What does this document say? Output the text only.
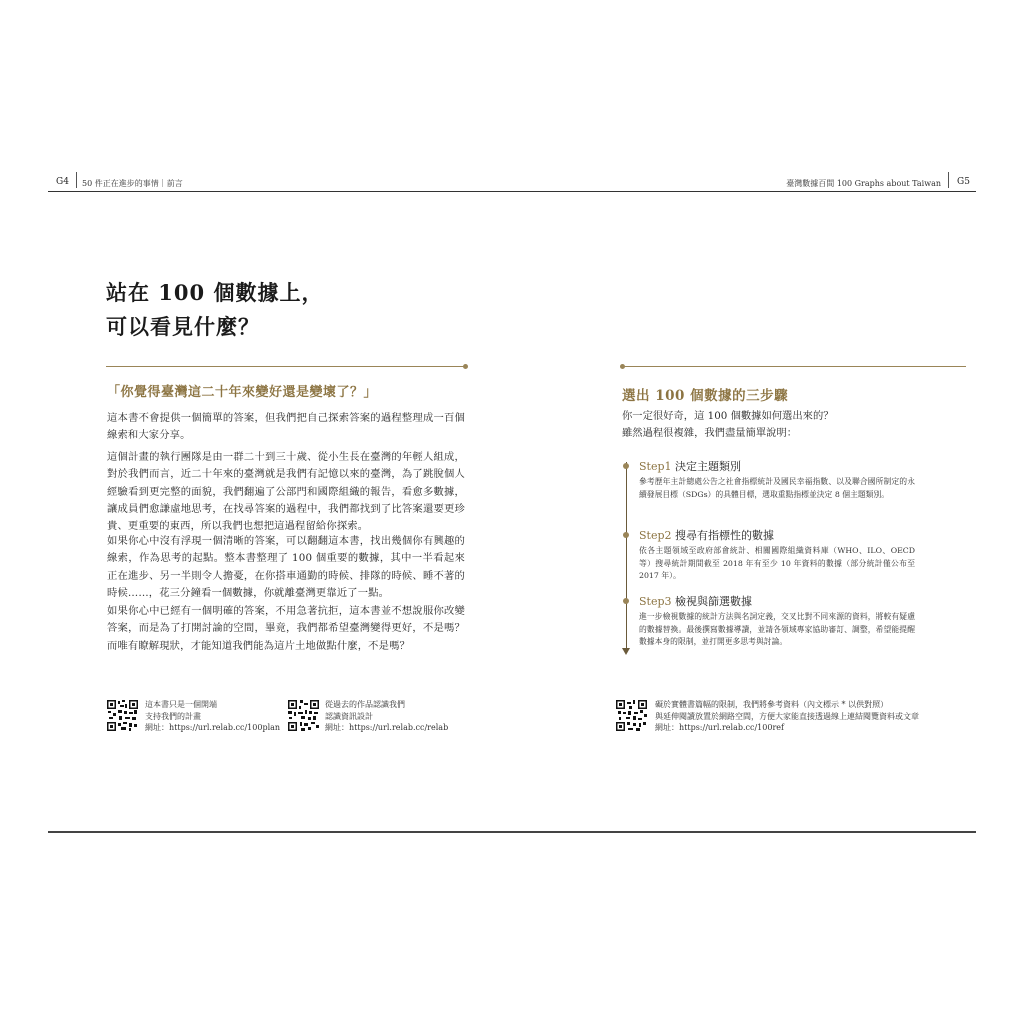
G4 50 件正在進步的事情｜前言	臺灣數據百間 100 Graphs about Taiwan G5
站在 100 個數據上，
可以看見什麼？
「你覺得臺灣這二十年來變好還是變壞了？」
這本書不會提供一個簡單的答案，但我們把自己探索答案的過程整理成一百個線索和大家分享。
這個計畫的執行團隊是由一群二十到三十歲、從小生長在臺灣的年輕人組成，對於我們而言，近二十年來的臺灣就是我們有記憶以來的臺灣，為了跳脫個人經驗看到更完整的面貌，我們翻遍了公部門和國際組織的報告，看愈多數據，讓成員們愈謙虛地思考，在找尋答案的過程中，我們都找到了比答案還要更珍貴、更重要的東西，所以我們也想把這過程留給你探索。
如果你心中沒有浮現一個清晰的答案，可以翻翻這本書，找出幾個你有興趣的線索，作為思考的起點。整本書整理了 100 個重要的數據，其中一半看起來正在進步、另一半則令人擔憂，在你搭車通勤的時候、排隊的時候、睡不著的時候……，花三分鐘看一個數據，你就離臺灣更靠近了一點。
如果你心中已經有一個明確的答案，不用急著抗拒，這本書並不想說服你改變答案，而是為了打開討論的空間，畢竟，我們都希望臺灣變得更好，不是嗎？而唯有瞭解現狀，才能知道我們能為這片土地做點什麼，不是嗎？
這本書只是一個開端
支持我們的計畫
網址：https://url.relab.cc/100plan
從過去的作品認識我們
認識資訊設計
網址：https://url.relab.cc/relab
選出 100 個數據的三步驟
你一定很好奇，這 100 個數據如何選出來的？
雖然過程很複雜，我們盡量簡單說明：
Step1 決定主題類別
參考歷年主計總處公告之社會指標統計及國民幸福指數、以及聯合國所制定的永續發展目標（SDGs）的具體目標，選取重點指標並決定 8 個主題類別。
Step2 搜尋有指標性的數據
依各主題領域至政府部會統計、相關國際組織資料庫（WHO、ILO、OECD 等）搜尋統計期間截至 2018 年有至少 10 年資料的數據（部分統計僅公布至 2017 年）。
Step3 檢視與篩選數據
進一步檢視數據的統計方法與名詞定義，交叉比對不同來源的資料，將較有疑慮的數據替換。最後撰寫數據導讀，並請各領域專家協助審訂、調整，希望能提醒數據本身的限制，並打開更多思考與討論。
礙於實體書篇幅的限制，我們將參考資料（內文標示 * 以供對照）
與延伸閱讀放置於網路空間，方便大家能直接透過線上連結閱覽資料或文章
網址：https://url.relab.cc/100ref
